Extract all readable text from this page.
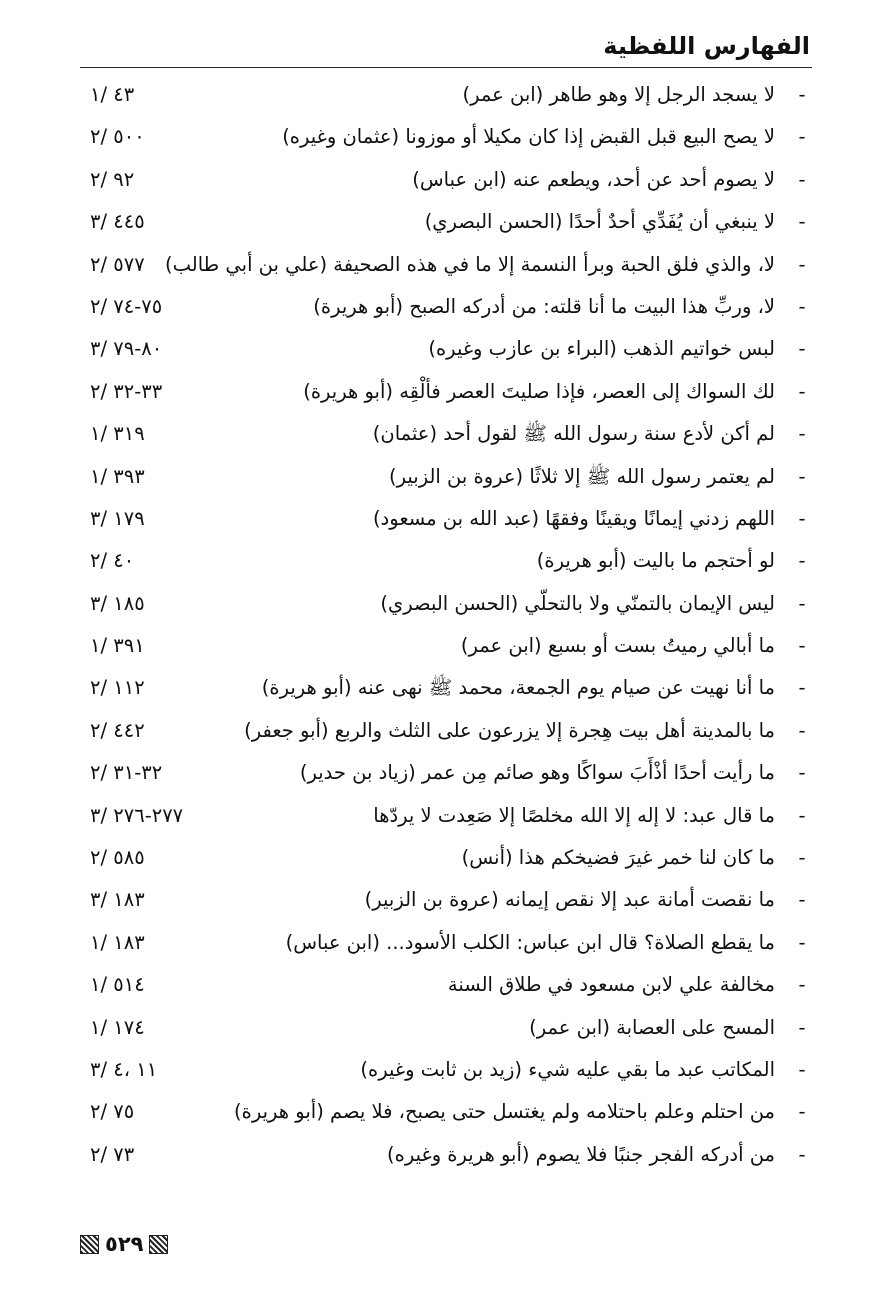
الفهارس اللفظية
-
لا يسجد الرجل إلا وهو طاهر (ابن عمر)
٤٣ /١
-
لا يصح البيع قبل القبض إذا كان مكيلا أو موزونا (عثمان وغيره)
٥٠٠ /٢
-
لا يصوم أحد عن أحد، ويطعم عنه (ابن عباس)
٩٢ /٢
-
لا ينبغي أن يُفَدِّي أحدٌ أحدًا (الحسن البصري)
٤٤٥ /٣
-
لا، والذي فلق الحبة وبرأ النسمة إلا ما في هذه الصحيفة (علي بن أبي طالب)
٥٧٧ /٢
-
لا، وربِّ هذا البيت ما أنا قلته: من أدركه الصبح (أبو هريرة)
٧٥-٧٤ /٢
-
لبس خواتيم الذهب (البراء بن عازب وغيره)
٨٠-٧٩ /٣
-
لك السواك إلى العصر، فإذا صليتَ العصر فألْقِه (أبو هريرة)
٣٣-٣٢ /٢
-
لم أكن لأدع سنة رسول الله ﷺ لقول أحد (عثمان)
٣١٩ /١
-
لم يعتمر رسول الله ﷺ إلا ثلاثًا (عروة بن الزبير)
٣٩٣ /١
-
اللهم زدني إيمانًا ويقينًا وفقهًا (عبد الله بن مسعود)
١٧٩ /٣
-
لو أحتجم ما باليت (أبو هريرة)
٤٠ /٢
-
ليس الإيمان بالتمنّي ولا بالتحلّي (الحسن البصري)
١٨٥ /٣
-
ما أبالي رميتُ بست أو بسبع (ابن عمر)
٣٩١ /١
-
ما أنا نهيت عن صيام يوم الجمعة، محمد ﷺ نهى عنه (أبو هريرة)
١١٢ /٢
-
ما بالمدينة أهل بيت هِجرة إلا يزرعون على الثلث والربع (أبو جعفر)
٤٤٢ /٢
-
ما رأيت أحدًا أذْأَبَ سواكًا وهو صائم مِن عمر (زياد بن حدير)
٣٢-٣١ /٢
-
ما قال عبد: لا إله إلا الله مخلصًا إلا صَعِدت لا يردّها
٢٧٧-٢٧٦ /٣
-
ما كان لنا خمر غيرَ فضيخكم هذا (أنس)
٥٨٥ /٢
-
ما نقصت أمانة عبد إلا نقص إيمانه (عروة بن الزبير)
١٨٣ /٣
-
ما يقطع الصلاة؟ قال ابن عباس: الكلب الأسود... (ابن عباس)
١٨٣ /١
-
مخالفة علي لابن مسعود في طلاق السنة
٥١٤ /١
-
المسح على العصابة (ابن عمر)
١٧٤ /١
-
المكاتب عبد ما بقي عليه شيء (زيد بن ثابت وغيره)
١١ ،٤ /٣
-
من احتلم وعلم باحتلامه ولم يغتسل حتى يصبح، فلا يصم (أبو هريرة)
٧٥ /٢
-
من أدركه الفجر جنبًا فلا يصوم (أبو هريرة وغيره)
٧٣ /٢
٥٢٩
